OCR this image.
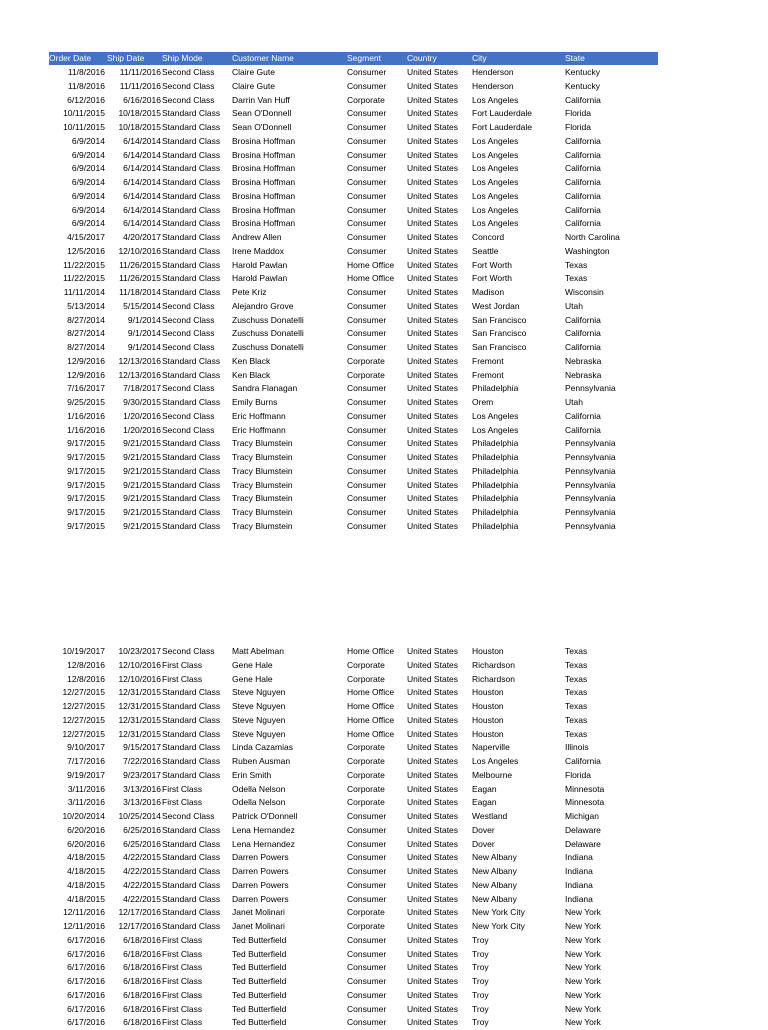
Order Date	Ship Date	Ship Mode	Customer Name	Segment	Country	City	State
11/8/2016	11/11/2016 Second Class	Claire Gute	Consumer	United States	Henderson	Kentucky
11/8/2016	11/11/2016 Second Class	Claire Gute	Consumer	United States	Henderson	Kentucky
6/12/2016	6/16/2016 Second Class	Darrin Van Huff	Corporate	United States	Los Angeles	California
10/11/2015	10/18/2015 Standard Class	Sean O'Donnell	Consumer	United States	Fort Lauderdale	Florida
10/11/2015	10/18/2015 Standard Class	Sean O'Donnell	Consumer	United States	Fort Lauderdale	Florida
6/9/2014	6/14/2014 Standard Class	Brosina Hoffman	Consumer	United States	Los Angeles	California
6/9/2014	6/14/2014 Standard Class	Brosina Hoffman	Consumer	United States	Los Angeles	California
6/9/2014	6/14/2014 Standard Class	Brosina Hoffman	Consumer	United States	Los Angeles	California
6/9/2014	6/14/2014 Standard Class	Brosina Hoffman	Consumer	United States	Los Angeles	California
6/9/2014	6/14/2014 Standard Class	Brosina Hoffman	Consumer	United States	Los Angeles	California
6/9/2014	6/14/2014 Standard Class	Brosina Hoffman	Consumer	United States	Los Angeles	California
6/9/2014	6/14/2014 Standard Class	Brosina Hoffman	Consumer	United States	Los Angeles	California
4/15/2017	4/20/2017 Standard Class	Andrew Allen	Consumer	United States	Concord	North Carolina
12/5/2016	12/10/2016 Standard Class	Irene Maddox	Consumer	United States	Seattle	Washington
11/22/2015	11/26/2015 Standard Class	Harold Pawlan	Home Office	United States	Fort Worth	Texas
11/22/2015	11/26/2015 Standard Class	Harold Pawlan	Home Office	United States	Fort Worth	Texas
11/11/2014	11/18/2014 Standard Class	Pete Kriz	Consumer	United States	Madison	Wisconsin
5/13/2014	5/15/2014 Second Class	Alejandro Grove	Consumer	United States	West Jordan	Utah
8/27/2014	9/1/2014 Second Class	Zuschuss Donatelli	Consumer	United States	San Francisco	California
8/27/2014	9/1/2014 Second Class	Zuschuss Donatelli	Consumer	United States	San Francisco	California
8/27/2014	9/1/2014 Second Class	Zuschuss Donatelli	Consumer	United States	San Francisco	California
12/9/2016	12/13/2016 Standard Class	Ken Black	Corporate	United States	Fremont	Nebraska
12/9/2016	12/13/2016 Standard Class	Ken Black	Corporate	United States	Fremont	Nebraska
7/16/2017	7/18/2017 Second Class	Sandra Flanagan	Consumer	United States	Philadelphia	Pennsylvania
9/25/2015	9/30/2015 Standard Class	Emily Burns	Consumer	United States	Orem	Utah
1/16/2016	1/20/2016 Second Class	Eric Hoffmann	Consumer	United States	Los Angeles	California
1/16/2016	1/20/2016 Second Class	Eric Hoffmann	Consumer	United States	Los Angeles	California
9/17/2015	9/21/2015 Standard Class	Tracy Blumstein	Consumer	United States	Philadelphia	Pennsylvania
9/17/2015	9/21/2015 Standard Class	Tracy Blumstein	Consumer	United States	Philadelphia	Pennsylvania
9/17/2015	9/21/2015 Standard Class	Tracy Blumstein	Consumer	United States	Philadelphia	Pennsylvania
9/17/2015	9/21/2015 Standard Class	Tracy Blumstein	Consumer	United States	Philadelphia	Pennsylvania
9/17/2015	9/21/2015 Standard Class	Tracy Blumstein	Consumer	United States	Philadelphia	Pennsylvania
9/17/2015	9/21/2015 Standard Class	Tracy Blumstein	Consumer	United States	Philadelphia	Pennsylvania
9/17/2015	9/21/2015 Standard Class	Tracy Blumstein	Consumer	United States	Philadelphia	Pennsylvania
10/19/2017	10/23/2017 Second Class	Matt Abelman	Home Office	United States	Houston	Texas
12/8/2016	12/10/2016 First Class	Gene Hale	Corporate	United States	Richardson	Texas
12/8/2016	12/10/2016 First Class	Gene Hale	Corporate	United States	Richardson	Texas
12/27/2015	12/31/2015 Standard Class	Steve Nguyen	Home Office	United States	Houston	Texas
12/27/2015	12/31/2015 Standard Class	Steve Nguyen	Home Office	United States	Houston	Texas
12/27/2015	12/31/2015 Standard Class	Steve Nguyen	Home Office	United States	Houston	Texas
12/27/2015	12/31/2015 Standard Class	Steve Nguyen	Home Office	United States	Houston	Texas
9/10/2017	9/15/2017 Standard Class	Linda Cazamias	Corporate	United States	Naperville	Illinois
7/17/2016	7/22/2016 Standard Class	Ruben Ausman	Corporate	United States	Los Angeles	California
9/19/2017	9/23/2017 Standard Class	Erin Smith	Corporate	United States	Melbourne	Florida
3/11/2016	3/13/2016 First Class	Odella Nelson	Corporate	United States	Eagan	Minnesota
3/11/2016	3/13/2016 First Class	Odella Nelson	Corporate	United States	Eagan	Minnesota
10/20/2014	10/25/2014 Second Class	Patrick O'Donnell	Consumer	United States	Westland	Michigan
6/20/2016	6/25/2016 Standard Class	Lena Hernandez	Consumer	United States	Dover	Delaware
6/20/2016	6/25/2016 Standard Class	Lena Hernandez	Consumer	United States	Dover	Delaware
4/18/2015	4/22/2015 Standard Class	Darren Powers	Consumer	United States	New Albany	Indiana
4/18/2015	4/22/2015 Standard Class	Darren Powers	Consumer	United States	New Albany	Indiana
4/18/2015	4/22/2015 Standard Class	Darren Powers	Consumer	United States	New Albany	Indiana
4/18/2015	4/22/2015 Standard Class	Darren Powers	Consumer	United States	New Albany	Indiana
12/11/2016	12/17/2016 Standard Class	Janet Molinari	Corporate	United States	New York City	New York
12/11/2016	12/17/2016 Standard Class	Janet Molinari	Corporate	United States	New York City	New York
6/17/2016	6/18/2016 First Class	Ted Butterfield	Consumer	United States	Troy	New York
6/17/2016	6/18/2016 First Class	Ted Butterfield	Consumer	United States	Troy	New York
6/17/2016	6/18/2016 First Class	Ted Butterfield	Consumer	United States	Troy	New York
6/17/2016	6/18/2016 First Class	Ted Butterfield	Consumer	United States	Troy	New York
6/17/2016	6/18/2016 First Class	Ted Butterfield	Consumer	United States	Troy	New York
6/17/2016	6/18/2016 First Class	Ted Butterfield	Consumer	United States	Troy	New York
6/17/2016	6/18/2016 First Class	Ted Butterfield	Consumer	United States	Troy	New York
